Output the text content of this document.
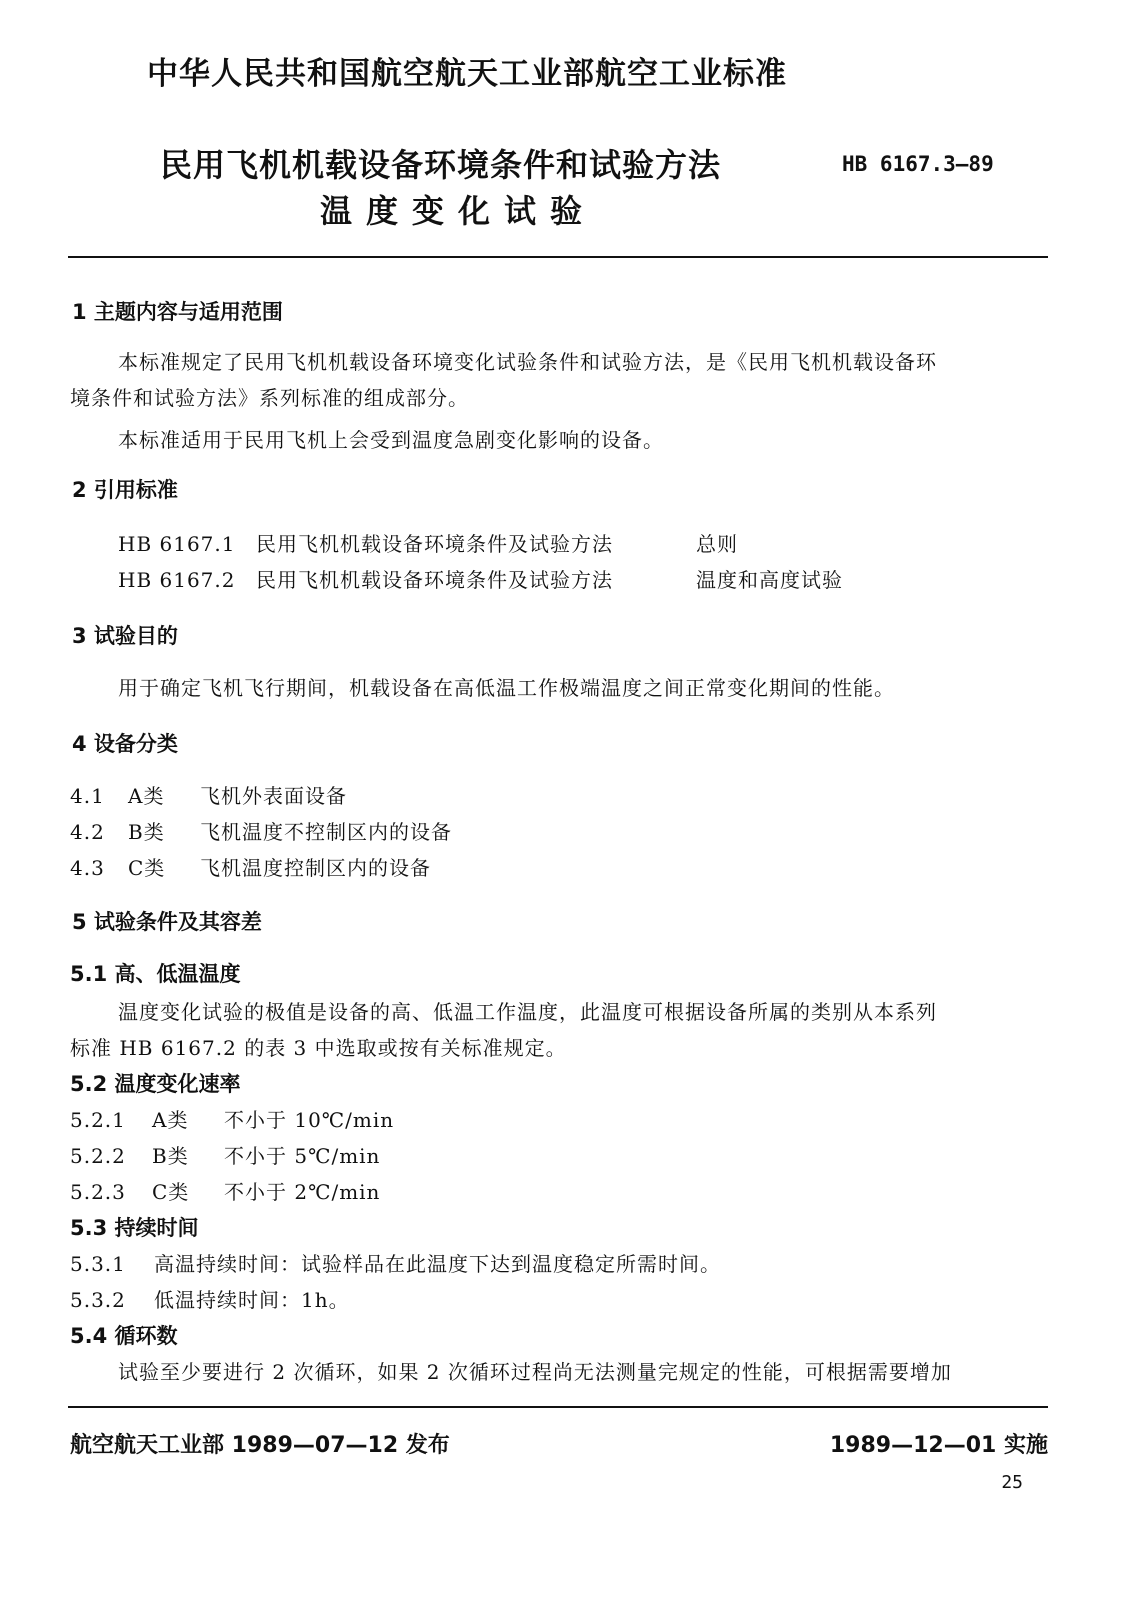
中华人民共和国航空航天工业部航空工业标准
民用飞机机载设备环境条件和试验方法
温度变化试验
HB 6167.3—89
1 主题内容与适用范围
本标准规定了民用飞机机载设备环境变化试验条件和试验方法，是《民用飞机机载设备环
境条件和试验方法》系列标准的组成部分。
本标准适用于民用飞机上会受到温度急剧变化影响的设备。
2 引用标准
HB 6167.1 民用飞机机载设备环境条件及试验方法	总则
HB 6167.2 民用飞机机载设备环境条件及试验方法	温度和高度试验
3 试验目的
用于确定飞机飞行期间，机载设备在高低温工作极端温度之间正常变化期间的性能。
4 设备分类
4.1 A类 飞机外表面设备
4.2 B类 飞机温度不控制区内的设备
4.3 C类 飞机温度控制区内的设备
5 试验条件及其容差
5.1 高、低温温度
温度变化试验的极值是设备的高、低温工作温度，此温度可根据设备所属的类别从本系列
标准 HB 6167.2 的表 3 中选取或按有关标准规定。
5.2 温度变化速率
5.2.1 A类 不小于 10℃/min
5.2.2 B类 不小于 5℃/min
5.2.3 C类 不小于 2℃/min
5.3 持续时间
5.3.1 高温持续时间：试验样品在此温度下达到温度稳定所需时间。
5.3.2 低温持续时间：1h。
5.4 循环数
试验至少要进行 2 次循环，如果 2 次循环过程尚无法测量完规定的性能，可根据需要增加
航空航天工业部 1989—07—12 发布	1989—12—01 实施
25
